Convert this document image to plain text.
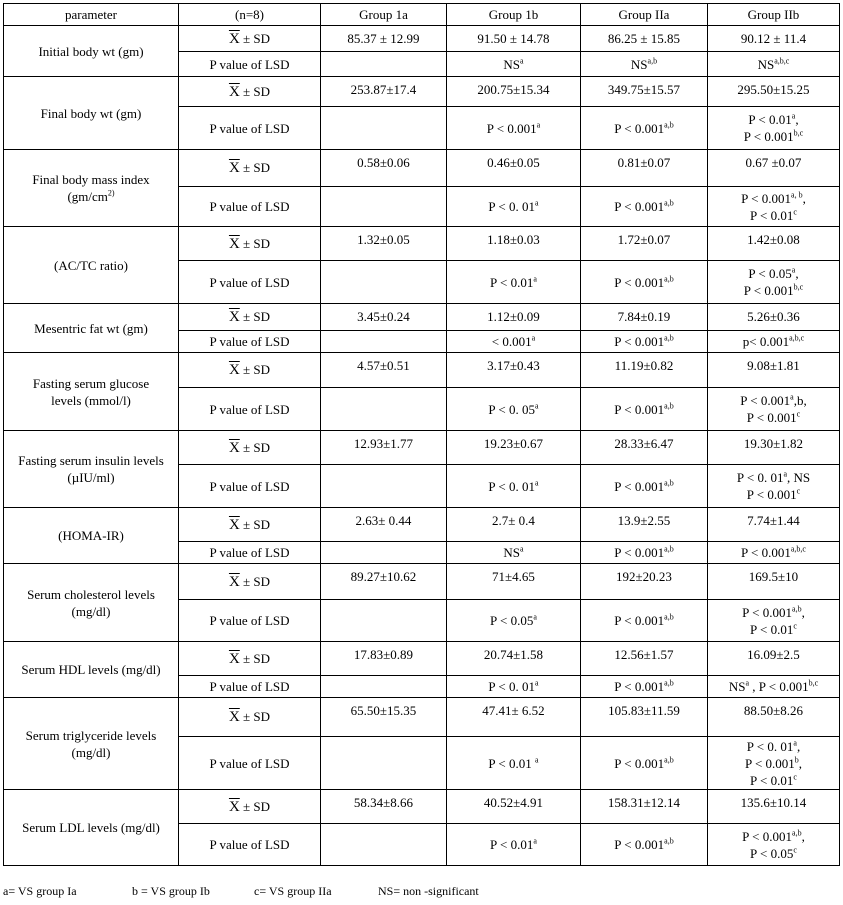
parameter	(n=8)	Group 1a	Group 1b	Group IIa	Group IIb
Initial body wt (gm)	$\overline{X}$ ± SD	85.37 ± 12.99	91.50 ± 14.78	86.25 ± 15.85	90.12 ± 11.4
	P value of LSD		$NS^a$	NS$^{a,b}$	NS$^{a,b,c}$
Final body wt (gm)	$\overline{X}$ ± SD	253.87±17.4	200.75±15.34	349.75±15.57	295.50±15.25
	P value of LSD		P < 0.001$^a$	$P < 0.001^{a,b}$	P < 0.01$^a$,
$P < 0.001^{b,c}$
Final body mass index
($gm/cm^{2)}$	$\overline{X}$ ± SD	0.58±0.06	0.46±0.05	0.81±0.07	0.67 ±0.07
	P value of LSD		P < 0. 01$^a$	$P < 0.001^{a,b}$	$P < 0.001^{a, b}$,
P < 0.01$^c$
(AC/TC ratio)	$\overline{X}$ ± SD	1.32±0.05	1.18±0.03	1.72±0.07	1.42±0.08
	P value of LSD		P < 0.01$^a$	$P < 0.001^{a,b}$	P < 0.05$^a$,
$P < 0.001^{b,c}$
Mesentric fat wt (gm)	$\overline{X}$ ± SD	3.45±0.24	1.12±0.09	7.84±0.19	5.26±0.36
	P value of LSD		< 0.001$^a$	$P < 0.001^{a,b}$	$p< 0.001^{a,b,c}$
Fasting serum glucose
levels (mmol/l)	$\overline{X}$ ± SD	4.57±0.51	3.17±0.43	11.19±0.82	9.08±1.81
	P value of LSD		P < 0. 05$^a$	$P < 0.001^{a,b}$	P < 0.001$^a$,b,
P < 0.001$^c$
Fasting serum insulin levels
(µIU/ml)	$\overline{X}$ ± SD	12.93±1.77	19.23±0.67	28.33±6.47	19.30±1.82
	P value of LSD		P < 0. 01$^a$	$P < 0.001^{a,b}$	P < 0. 01$^a$, NS
P < 0.001$^c$
(HOMA-IR)	$\overline{X}$ ± SD	2.63± 0.44	2.7± 0.4	13.9±2.55	7.74±1.44
	P value of LSD		$NS^a$	$P < 0.001^{a,b}$	$P < 0.001^{a,b,c}$
Serum cholesterol levels
(mg/dl)	$\overline{X}$ ± SD	89.27±10.62	71±4.65	192±20.23	169.5±10
	P value of LSD		P < 0.05$^a$	$P < 0.001^{a,b}$	$P < 0.001^{a,b}$,
P < 0.01$^c$
Serum HDL levels (mg/dl)	$\overline{X}$ ± SD	17.83±0.89	20.74±1.58	12.56±1.57	16.09±2.5
	P value of LSD		P < 0. 01$^a$	$P < 0.001^{a,b}$	$NS^a$ , $P < 0.001^{b,c}$
Serum triglyceride levels
(mg/dl)	$\overline{X}$ ± SD	65.50±15.35	47.41± 6.52	105.83±11.59	88.50±8.26
	P value of LSD		P < 0.01 $^a$	$P < 0.001^{a,b}$	P < 0. 01$^a$,
P < 0.001$^b$,
P < 0.01$^c$
Serum LDL levels (mg/dl)	$\overline{X}$ ± SD	58.34±8.66	40.52±4.91	158.31±12.14	135.6±10.14
	P value of LSD		P < 0.01$^a$	$P < 0.001^{a,b}$	$P < 0.001^{a,b}$,
P < 0.05$^c$
a= VS group Ia	b = VS group Ib	c= VS group IIa	NS= non -significant
